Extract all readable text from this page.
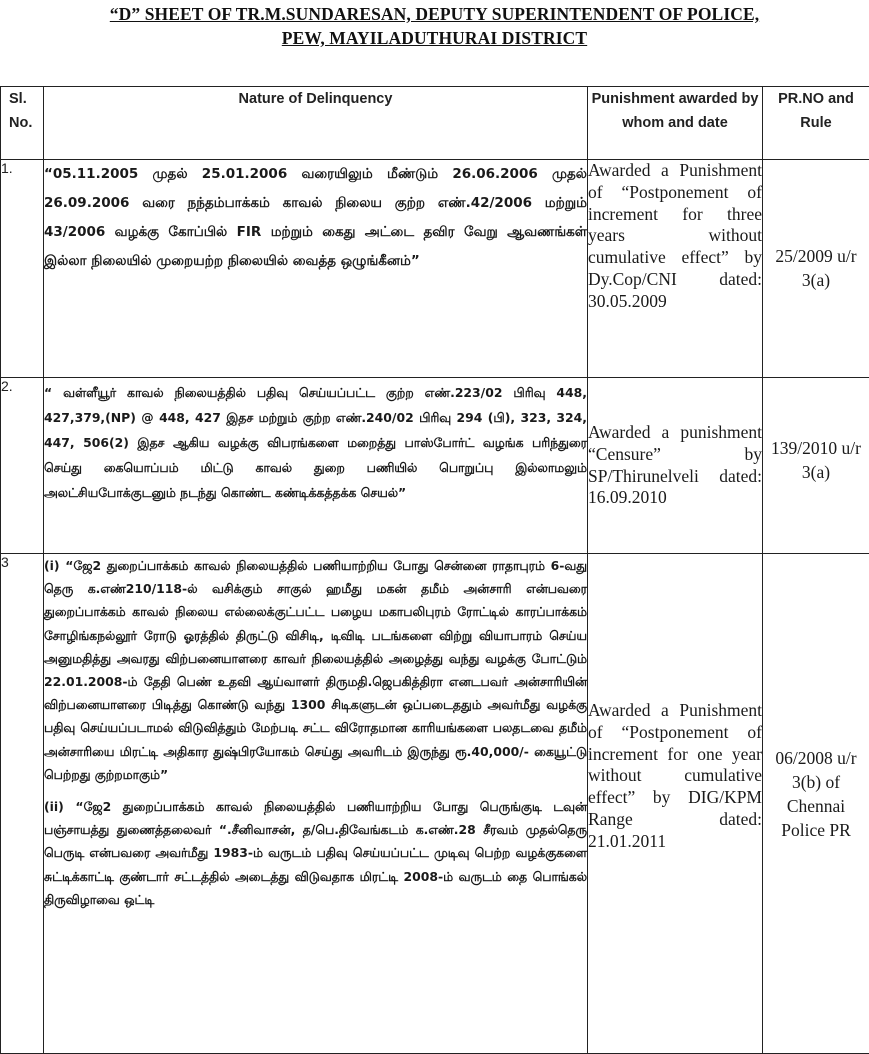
“D” SHEET OF TR.M.SUNDARESAN, DEPUTY SUPERINTENDENT OF POLICE,
PEW, MAYILADUTHURAI DISTRICT
Sl. No.	Nature of Delinquency	Punishment awarded by whom and date	PR.NO and Rule
1.	“05.11.2005 முதல் 25.01.2006 வரையிலும் மீண்டும் 26.06.2006 முதல் 26.09.2006 வரை நந்தம்பாக்கம் காவல் நிலைய குற்ற எண்.42/2006 மற்றும் 43/2006 வழக்கு கோப்பில் FIR மற்றும் கைது அட்டை தவிர வேறு ஆவணங்கள் இல்லா நிலையில் முறையற்ற நிலையில் வைத்த ஒழுங்கீனம்”	Awarded a Punishment of “Postponement of increment for three years without cumulative effect” by Dy.Cop/CNI dated: 30.05.2009	25/2009 u/r 3(a)

2.	“ வள்ளீயூர் காவல் நிலையத்தில் பதிவு செய்யப்பட்ட குற்ற எண்.223/02 பிரிவு 448, 427,379,(NP) @ 448, 427 இதச மற்றும் குற்ற எண்.240/02 பிரிவு 294 (பி), 323, 324, 447, 506(2) இதச ஆகிய வழக்கு விபரங்களை மறைத்து பாஸ்போர்ட் வழங்க பரிந்துரை செய்து கையொப்பம் மிட்டு காவல் துறை பணியில் பொறுப்பு இல்லாமலும் அலட்சியபோக்குடனும் நடந்து கொண்ட கண்டிக்கத்தக்க செயல்”	Awarded a punishment “Censure” by SP/Thirunelveli dated: 16.09.2010	139/2010 u/r 3(a)

3	(i) “ஜே2 துறைப்பாக்கம் காவல் நிலையத்தில் பணியாற்றிய போது சென்னை ராதாபுரம் 6-வது தெரு க.எண்210/118-ல் வசிக்கும் சாகுல் ஹமீது மகன் தமீம் அன்சாரி என்பவரை துறைப்பாக்கம் காவல் நிலைய எல்லைக்குட்பட்ட பழைய மகாபலிபுரம் ரோட்டில் காரப்பாக்கம் சோழிங்கநல்லூர் ரோடு ஓரத்தில் திருட்டு விசிடி, டிவிடி படங்களை விற்று வியாபாரம் செய்ய அனுமதித்து அவரது விற்பனையாளரை காவர் நிலையத்தில் அழைத்து வந்து வழக்கு போட்டும் 22.01.2008-ம் தேதி பெண் உதவி ஆய்வாளர் திருமதி.ஜெபகித்திரா எனடபவர் அன்சாரியின் விற்பனையாளரை பிடித்து கொண்டு வந்து 1300 சிடிகளுடன் ஒப்படைததும் அவர்மீது வழக்கு பதிவு செய்யப்படாமல் விடுவித்தும் மேற்படி சட்ட விரோதமான காரியங்களை பலதடவை தமீம் அன்சாரியை மிரட்டி அதிகார துஷ்பிரயோகம் செய்து அவரிடம் இருந்து ரூ.40,000/- கையூட்டு பெற்றது குற்றமாகும்”

(ii) “ஜே2 துறைப்பாக்கம் காவல் நிலையத்தில் பணியாற்றிய போது பெருங்குடி டவுன் பஞ்சாயத்து துணைத்தலைவர் “.சீனிவாசன், த/பெ.திவேங்கடம் க.எண்.28 சீரவம் முதல்தெரு பெருடி என்பவரை அவர்மீது 1983-ம் வருடம் பதிவு செய்யப்பட்ட முடிவு பெற்ற வழக்குகளை சுட்டிக்காட்டி குண்டார் சட்டத்தில் அடைத்து விடுவதாக மிரட்டி 2008-ம் வருடம் தை பொங்கல் திருவிழாவை ஒட்டி	Awarded a Punishment of “Postponement of increment for one year without cumulative effect” by DIG/KPM Range dated: 21.01.2011	06/2008 u/r 3(b) of Chennai Police PR
